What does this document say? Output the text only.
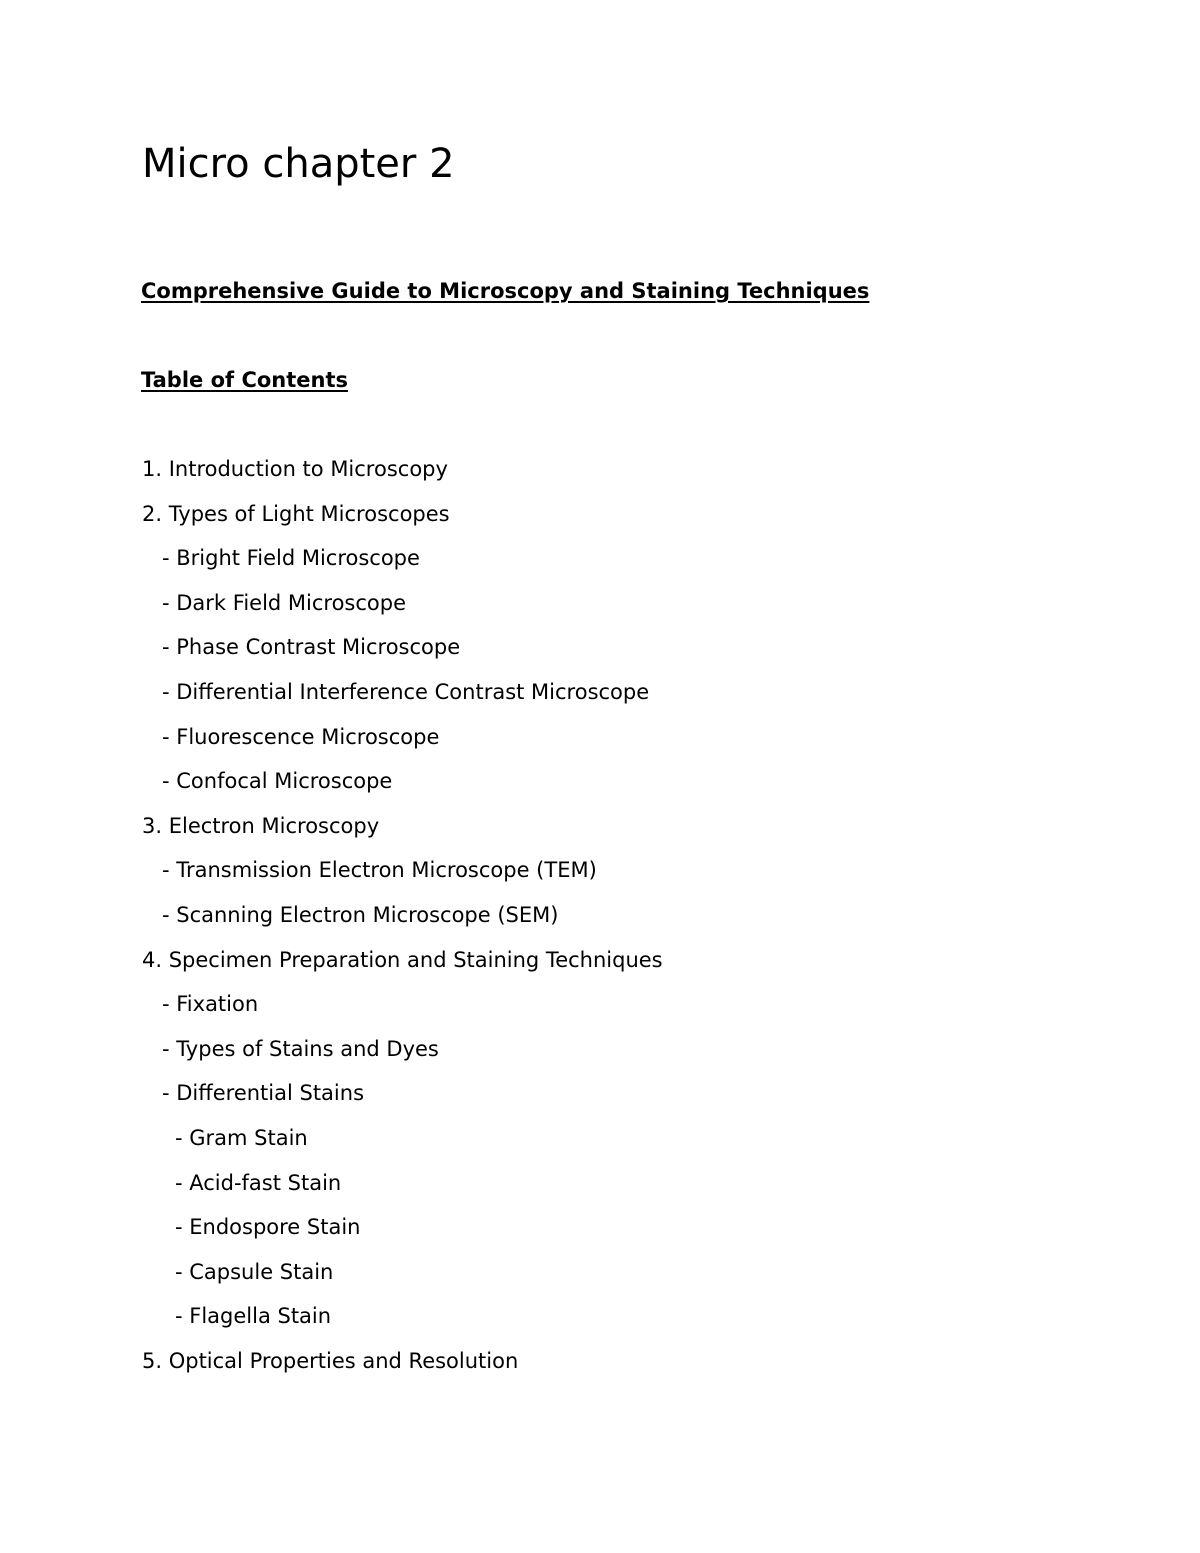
Micro chapter 2
Comprehensive Guide to Microscopy and Staining Techniques
Table of Contents
1. Introduction to Microscopy
2. Types of Light Microscopes
- Bright Field Microscope
- Dark Field Microscope
- Phase Contrast Microscope
- Differential Interference Contrast Microscope
- Fluorescence Microscope
- Confocal Microscope
3. Electron Microscopy
- Transmission Electron Microscope (TEM)
- Scanning Electron Microscope (SEM)
4. Specimen Preparation and Staining Techniques
- Fixation
- Types of Stains and Dyes
- Differential Stains
- Gram Stain
- Acid-fast Stain
- Endospore Stain
- Capsule Stain
- Flagella Stain
5. Optical Properties and Resolution
